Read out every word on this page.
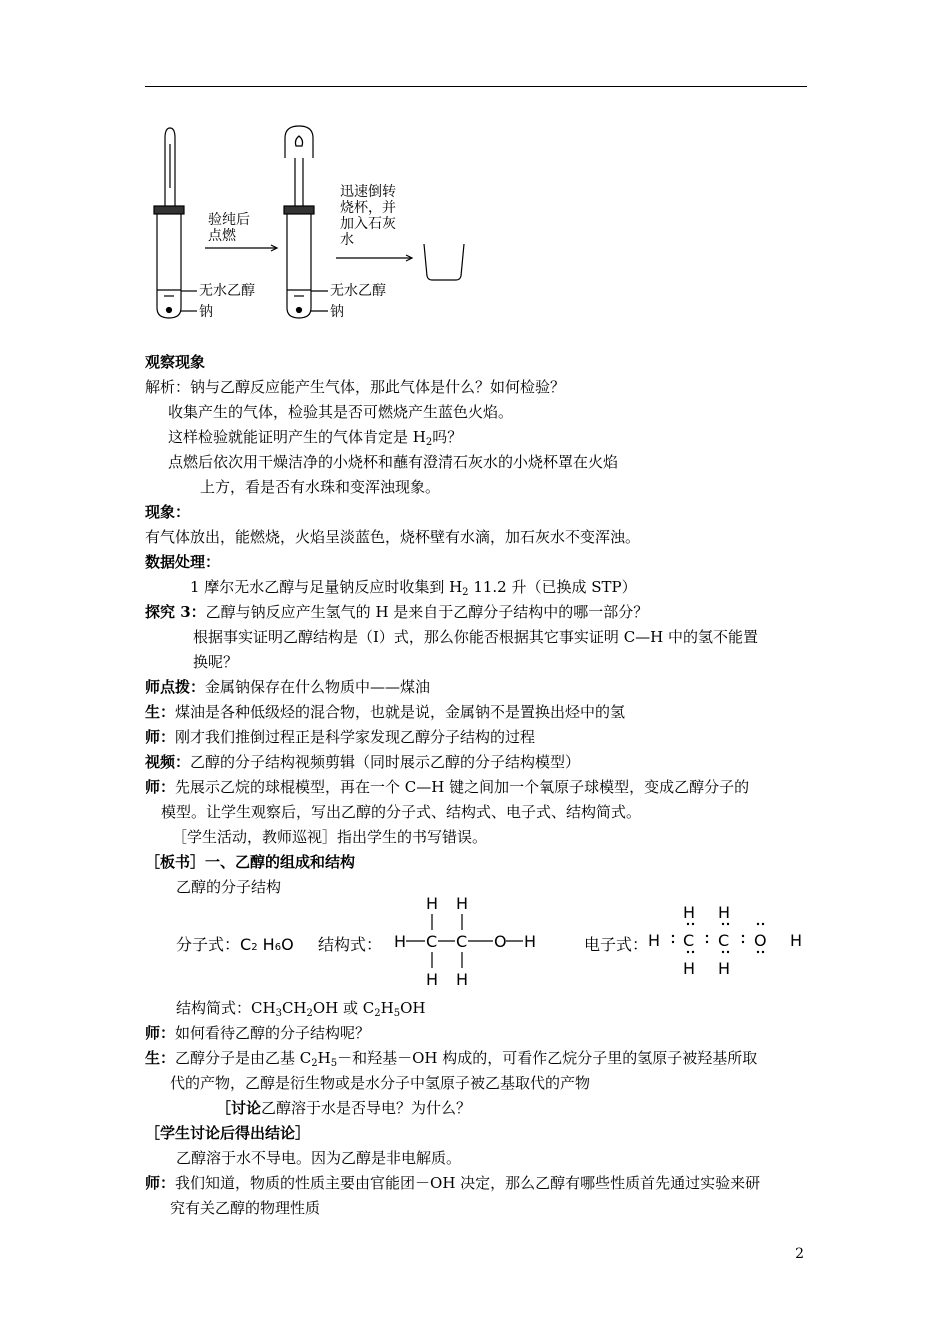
验纯后
点燃
迅速倒转
烧杯，并
加入石灰
水
无水乙醇
钠
无水乙醇
钠
观察现象
解析：钠与乙醇反应能产生气体，那此气体是什么？如何检验？
收集产生的气体，检验其是否可燃烧产生蓝色火焰。
这样检验就能证明产生的气体肯定是 $H_2$吗？
点燃后依次用干燥洁净的小烧杯和蘸有澄清石灰水的小烧杯罩在火焰
上方，看是否有水珠和变浑浊现象。
现象：
有气体放出，能燃烧，火焰呈淡蓝色，烧杯壁有水滴，加石灰水不变浑浊。
数据处理：
1 摩尔无水乙醇与足量钠反应时收集到 $H_2$ 11.2 升（已换成 STP）
探究 3：乙醇与钠反应产生氢气的 H 是来自于乙醇分子结构中的哪一部分？
根据事实证明乙醇结构是（Ⅰ）式，那么你能否根据其它事实证明 C—H 中的氢不能置
换呢？
师点拨：金属钠保存在什么物质中——煤油
生：煤油是各种低级烃的混合物，也就是说，金属钠不是置换出烃中的氢
师：刚才我们推倒过程正是科学家发现乙醇分子结构的过程
视频：乙醇的分子结构视频剪辑（同时展示乙醇的分子结构模型）
师：先展示乙烷的球棍模型，再在一个 C—H 键之间加一个氧原子球模型，变成乙醇分子的
模型。让学生观察后，写出乙醇的分子式、结构式、电子式、结构简式。
［学生活动，教师巡视］指出学生的书写错误。
［板书］一、乙醇的组成和结构
乙醇的分子结构
分子式：C2 H6O 结构式：
H H
H C C O H
H H
电子式：
H H
H C C O H
H H
结构简式：$CH_3CH_2OH$ 或 $C_2H_5OH$
师：如何看待乙醇的分子结构呢？
生：乙醇分子是由乙基 $C_2H_5-$和羟基－OH 构成的，可看作乙烷分子里的氢原子被羟基所取
代的产物，乙醇是衍生物或是水分子中氢原子被乙基取代的产物
［讨论乙醇溶于水是否导电？为什么？
［学生讨论后得出结论］
乙醇溶于水不导电。因为乙醇是非电解质。
师：我们知道，物质的性质主要由官能团－OH 决定，那么乙醇有哪些性质首先通过实验来研
究有关乙醇的物理性质
2
